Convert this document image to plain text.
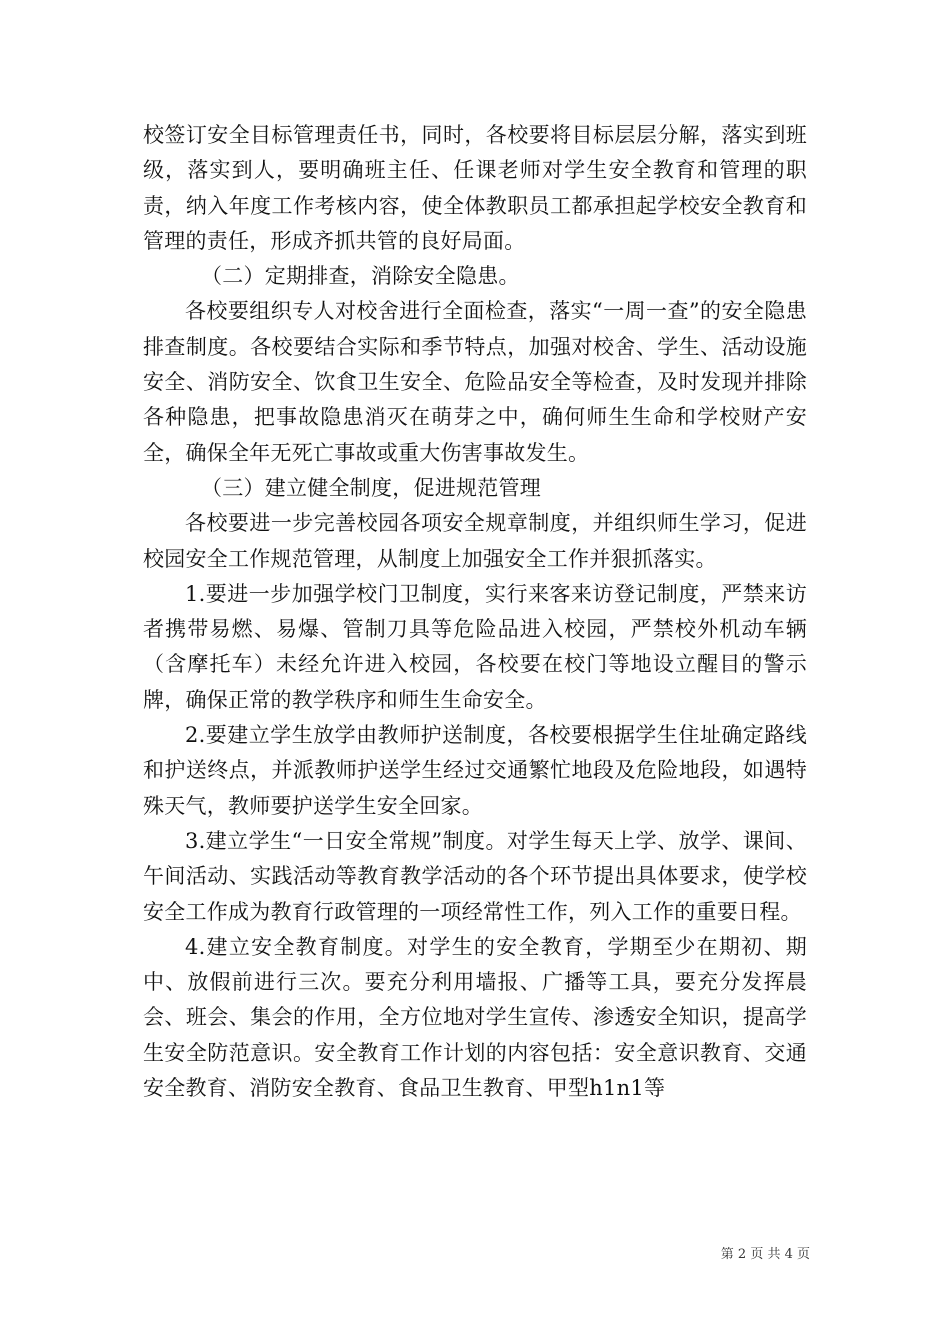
校签订安全目标管理责任书，同时，各校要将目标层层分解，落实到班级，落实到人，要明确班主任、任课老师对学生安全教育和管理的职责，纳入年度工作考核内容，使全体教职员工都承担起学校安全教育和管理的责任，形成齐抓共管的良好局面。

（二）定期排查，消除安全隐患。

各校要组织专人对校舍进行全面检查，落实“一周一查”的安全隐患排查制度。各校要结合实际和季节特点，加强对校舍、学生、活动设施安全、消防安全、饮食卫生安全、危险品安全等检查，及时发现并排除各种隐患，把事故隐患消灭在萌芽之中，确何师生生命和学校财产安全，确保全年无死亡事故或重大伤害事故发生。

（三）建立健全制度，促进规范管理

各校要进一步完善校园各项安全规章制度，并组织师生学习，促进校园安全工作规范管理，从制度上加强安全工作并狠抓落实。

1.要进一步加强学校门卫制度，实行来客来访登记制度，严禁来访者携带易燃、易爆、管制刀具等危险品进入校园，严禁校外机动车辆（含摩托车）未经允许进入校园，各校要在校门等地设立醒目的警示牌，确保正常的教学秩序和师生生命安全。

2.要建立学生放学由教师护送制度，各校要根据学生住址确定路线和护送终点，并派教师护送学生经过交通繁忙地段及危险地段，如遇特殊天气，教师要护送学生安全回家。

3.建立学生“一日安全常规”制度。对学生每天上学、放学、课间、午间活动、实践活动等教育教学活动的各个环节提出具体要求，使学校安全工作成为教育行政管理的一项经常性工作，列入工作的重要日程。

4.建立安全教育制度。对学生的安全教育，学期至少在期初、期中、放假前进行三次。要充分利用墙报、广播等工具，要充分发挥晨会、班会、集会的作用，全方位地对学生宣传、渗透安全知识，提高学生安全防范意识。安全教育工作计划的内容包括：安全意识教育、交通安全教育、消防安全教育、食品卫生教育、甲型h1n1等

第 2 页 共 4 页
